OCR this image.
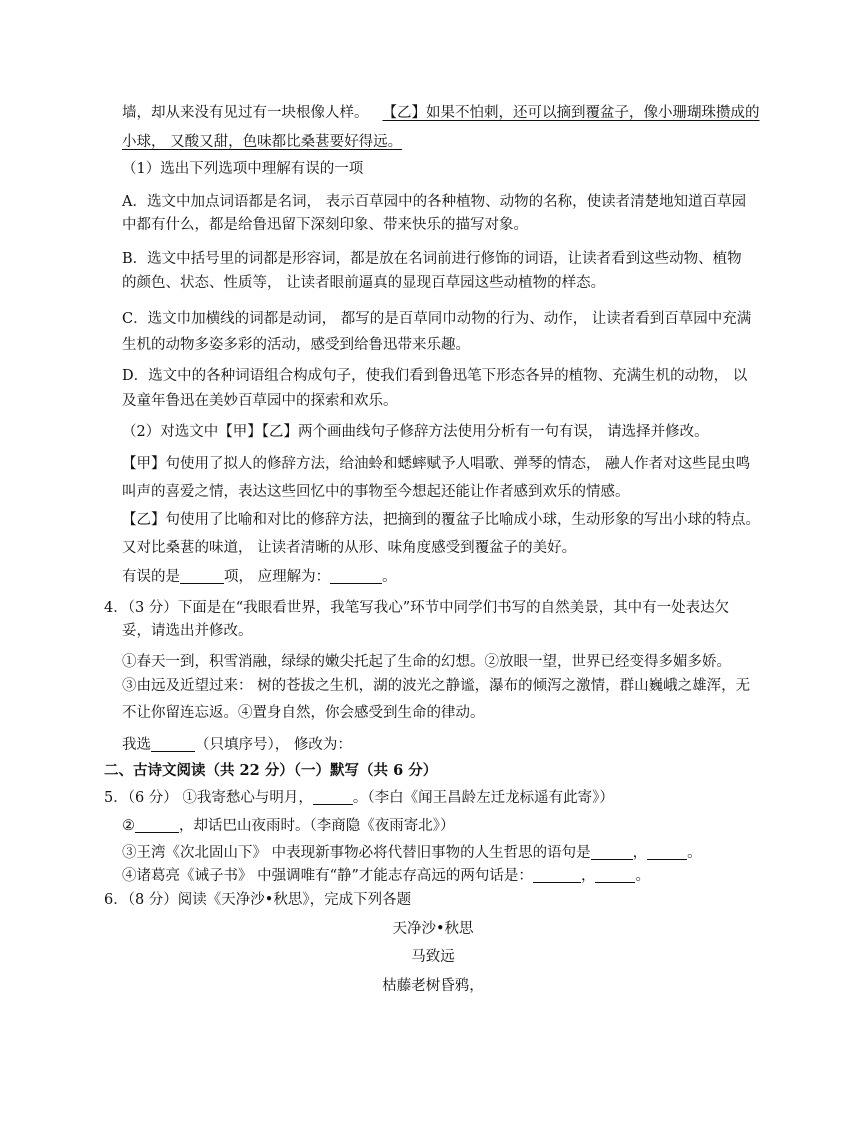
墙，却从来没有见过有一块根像人样。 【乙】如果不怕刺，还可以摘到覆盆子，像小珊瑚珠攒成的
小球， 又酸又甜，色味都比桑葚要好得远。
（1）选出下列选项中理解有误的一项
A．选文中加点词语都是名词， 表示百草园中的各种植物、动物的名称，使读者清楚地知道百草园
中都有什么，都是给鲁迅留下深刻印象、带来快乐的描写对象。
B．选文中括号里的词都是形容词，都是放在名词前进行修饰的词语，让读者看到这些动物、植物
的颜色、状态、性质等， 让读者眼前逼真的显现百草园这些动植物的样态。
C．选文巾加横线的词都是动词， 都写的是百草同巾动物的行为、动作， 让读者看到百草园中充满
生机的动物多姿多彩的活动，感受到给鲁迅带来乐趣。
D．选文中的各种词语组合构成句子，使我们看到鲁迅笔下形态各异的植物、充满生机的动物， 以
及童年鲁迅在美妙百草园中的探索和欢乐。
（2）对选文中【甲】【乙】两个画曲线句子修辞方法使用分析有一句有误， 请选择并修改。
【甲】句使用了拟人的修辞方法，给油蛉和蟋蟀赋予人唱歌、弹琴的情态， 融人作者对这些昆虫鸣
叫声的喜爱之情，表达这些回忆中的事物至今想起还能让作者感到欢乐的情感。
【乙】句使用了比喻和对比的修辞方法，把摘到的覆盆子比喻成小球，生动形象的写出小球的特点。
又对比桑葚的味道， 让读者清晰的从形、味角度感受到覆盆子的美好。
有误的是	项， 应理解为：	。
4．（3 分）下面是在“我眼看世界，我笔写我心”环节中同学们书写的自然美景，其中有一处表达欠
妥，请选出并修改。
①春天一到，积雪消融，绿绿的嫩尖托起了生命的幻想。②放眼一望，世界已经变得多媚多娇。
③由远及近望过来： 树的苍拔之生机，湖的波光之静谧，瀑布的倾泻之激情，群山巍峨之雄浑，无
不让你留连忘返。④置身自然，你会感受到生命的律动。
我选	（只填序号）， 修改为：
二、古诗文阅读（共 22 分）（一）默写（共 6 分）
5．（6 分） ①我寄愁心与明月，	。（李白《闻王昌龄左迁龙标遥有此寄》）
②	，却话巴山夜雨时。（李商隐《夜雨寄北》）
③王湾《次北固山下》 中表现新事物必将代替旧事物的人生哲思的语句是	，	。
④诸葛亮《诫子书》 中强调唯有“静”才能志存高远的两句话是：	，	。
6．（8 分）阅读《天净沙•秋思》，完成下列各题
天净沙•秋思
马致远
枯藤老树昏鸦，
